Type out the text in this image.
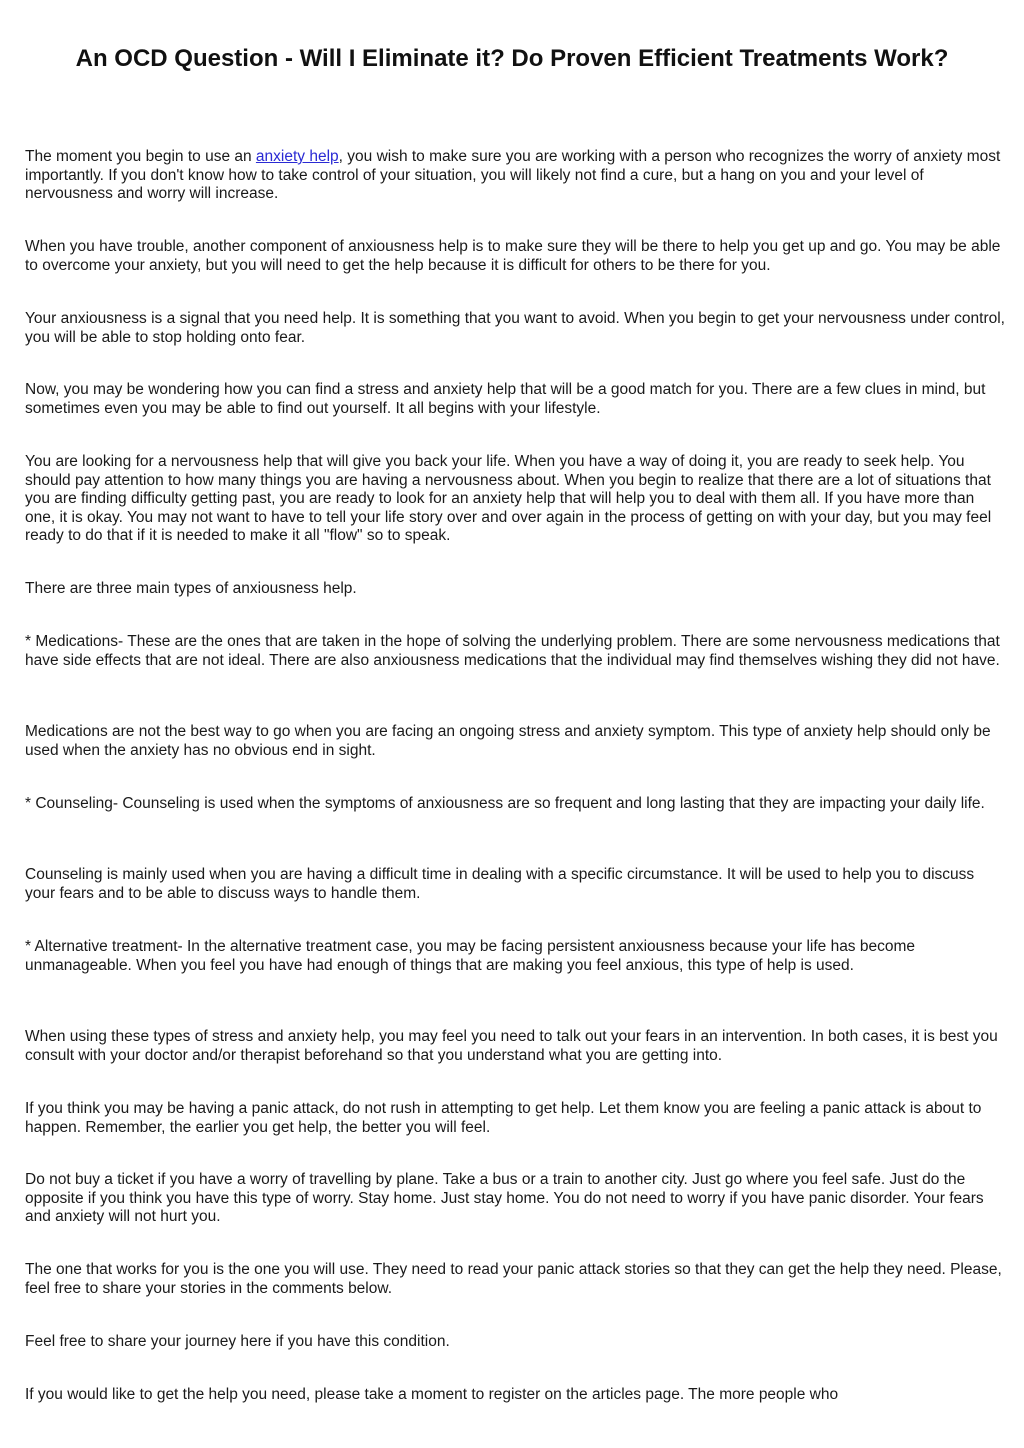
An OCD Question - Will I Eliminate it? Do Proven Efficient Treatments Work?

The moment you begin to use an anxiety help, you wish to make sure you are working with a person who recognizes the worry of anxiety most importantly. If you don't know how to take control of your situation, you will likely not find a cure, but a hang on you and your level of nervousness and worry will increase.

When you have trouble, another component of anxiousness help is to make sure they will be there to help you get up and go. You may be able to overcome your anxiety, but you will need to get the help because it is difficult for others to be there for you.

Your anxiousness is a signal that you need help. It is something that you want to avoid. When you begin to get your nervousness under control, you will be able to stop holding onto fear.

Now, you may be wondering how you can find a stress and anxiety help that will be a good match for you. There are a few clues in mind, but sometimes even you may be able to find out yourself. It all begins with your lifestyle.

You are looking for a nervousness help that will give you back your life. When you have a way of doing it, you are ready to seek help. You should pay attention to how many things you are having a nervousness about. When you begin to realize that there are a lot of situations that you are finding difficulty getting past, you are ready to look for an anxiety help that will help you to deal with them all. If you have more than one, it is okay. You may not want to have to tell your life story over and over again in the process of getting on with your day, but you may feel ready to do that if it is needed to make it all "flow" so to speak.

There are three main types of anxiousness help.

* Medications- These are the ones that are taken in the hope of solving the underlying problem. There are some nervousness medications that have side effects that are not ideal. There are also anxiousness medications that the individual may find themselves wishing they did not have.

Medications are not the best way to go when you are facing an ongoing stress and anxiety symptom. This type of anxiety help should only be used when the anxiety has no obvious end in sight.

* Counseling- Counseling is used when the symptoms of anxiousness are so frequent and long lasting that they are impacting your daily life.

Counseling is mainly used when you are having a difficult time in dealing with a specific circumstance. It will be used to help you to discuss your fears and to be able to discuss ways to handle them.

* Alternative treatment- In the alternative treatment case, you may be facing persistent anxiousness because your life has become unmanageable. When you feel you have had enough of things that are making you feel anxious, this type of help is used.

When using these types of stress and anxiety help, you may feel you need to talk out your fears in an intervention. In both cases, it is best you consult with your doctor and/or therapist beforehand so that you understand what you are getting into.

If you think you may be having a panic attack, do not rush in attempting to get help. Let them know you are feeling a panic attack is about to happen. Remember, the earlier you get help, the better you will feel.

Do not buy a ticket if you have a worry of travelling by plane. Take a bus or a train to another city. Just go where you feel safe. Just do the opposite if you think you have this type of worry. Stay home. Just stay home. You do not need to worry if you have panic disorder. Your fears and anxiety will not hurt you.

The one that works for you is the one you will use. They need to read your panic attack stories so that they can get the help they need. Please, feel free to share your stories in the comments below.

Feel free to share your journey here if you have this condition.

If you would like to get the help you need, please take a moment to register on the articles page. The more people who
